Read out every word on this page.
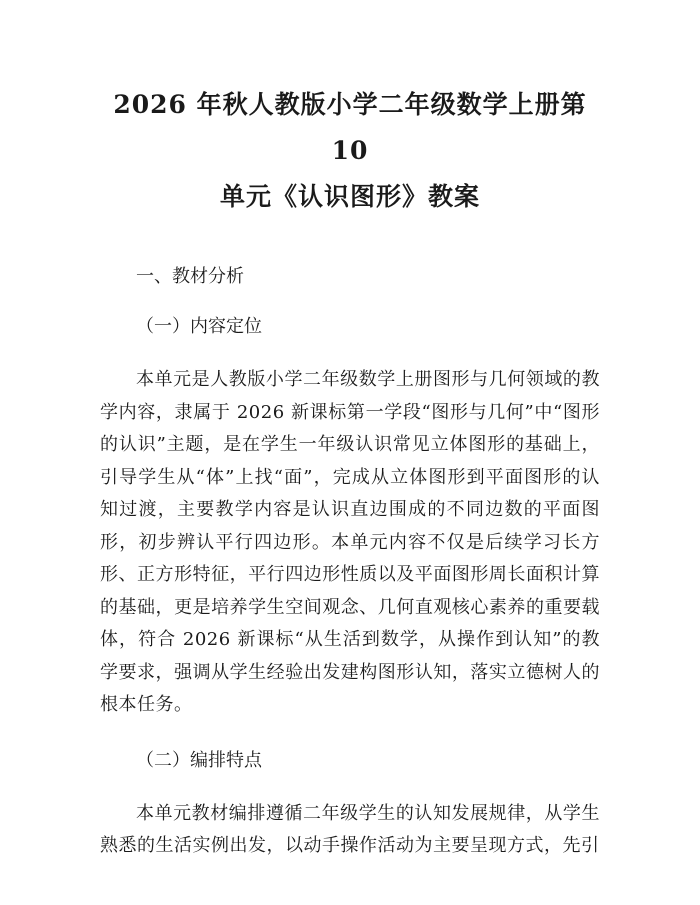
2026 年秋人教版小学二年级数学上册第 10
单元《认识图形》教案

一、教材分析

（一）内容定位

本单元是人教版小学二年级数学上册图形与几何领域的教学内容，隶属于 2026 新课标第一学段“图形与几何”中“图形的认识”主题，是在学生一年级认识常见立体图形的基础上，引导学生从“体”上找“面”，完成从立体图形到平面图形的认知过渡，主要教学内容是认识直边围成的不同边数的平面图形，初步辨认平行四边形。本单元内容不仅是后续学习长方形、正方形特征，平行四边形性质以及平面图形周长面积计算的基础，更是培养学生空间观念、几何直观核心素养的重要载体，符合 2026 新课标“从生活到数学，从操作到认知”的教学要求，强调从学生经验出发建构图形认知，落实立德树人的根本任务。

（二）编排特点

本单元教材编排遵循二年级学生的认知发展规律，从学生熟悉的生活实例出发，以动手操作活动为主要呈现方式，先引
